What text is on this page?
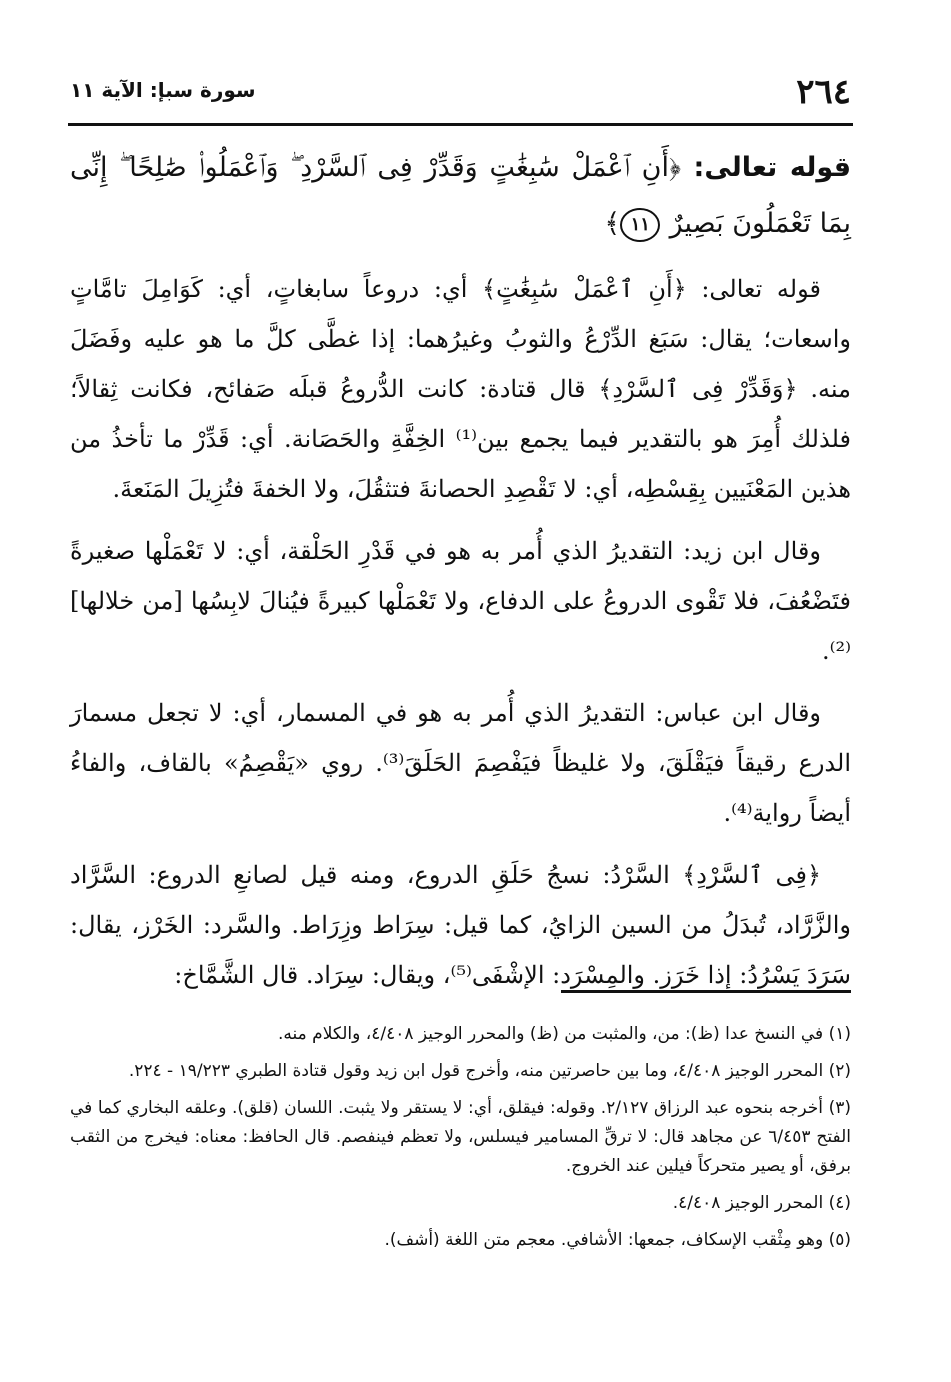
٢٦٤
سورة سبإ: الآية ١١

قوله تعالى: ﴿أَنِ ٱعْمَلْ سَٰبِغَٰتٍ وَقَدِّرْ فِى ٱلسَّرْدِ ۖ وَٱعْمَلُوا۟ صَٰلِحًا ۖ إِنِّى بِمَا تَعْمَلُونَ بَصِيرٌ ١١﴾

قوله تعالى: ﴿أَنِ ٱعْمَلْ سَٰبِغَٰتٍ﴾ أي: دروعاً سابغاتٍ، أي: كَوَامِلَ تامَّاتٍ واسعات؛ يقال: سَبَغ الدِّرْعُ والثوبُ وغيرُهما: إذا غطَّى كلَّ ما هو عليه وفَضَلَ منه. ﴿وَقَدِّرْ فِى ٱلسَّرْدِ﴾ قال قتادة: كانت الدُّروعُ قبلَه صَفائح، فكانت ثِقالاً؛ فلذلك أُمِرَ هو بالتقدير فيما يجمع بين⁽¹⁾ الخِفَّةِ والحَصَانة. أي: قَدِّرْ ما تأخذُ من هذين المَعْنَيين بِقِسْطِه، أي: لا تَقْصِدِ الحصانةَ فتثقُلَ، ولا الخفةَ فتُزِيلَ المَنَعةَ.

وقال ابن زيد: التقديرُ الذي أُمر به هو في قَدْرِ الحَلْقة، أي: لا تَعْمَلْها صغيرةً فتَضْعُفَ، فلا تَقْوى الدروعُ على الدفاع، ولا تَعْمَلْها كبيرةً فيُنالَ لابِسُها [من خلالها]⁽²⁾.

وقال ابن عباس: التقديرُ الذي أُمر به هو في المسمار، أي: لا تجعل مسمارَ الدرع رقيقاً فيَقْلَقَ، ولا غليظاً فيَفْصِمَ الحَلَقَ⁽³⁾. روي «يَقْصِمُ» بالقاف، والفاءُ أيضاً رواية⁽⁴⁾.

﴿فِى ٱلسَّرْدِ﴾ السَّرْدُ: نسجُ حَلَقِ الدروع، ومنه قيل لصانعِ الدروع: السَّرَّاد والزَّرَّاد، تُبدَلُ من السين الزايُ، كما قيل: سِرَاط وزِرَاط. والسَّرد: الخَرْز، يقال: سَرَدَ يَسْرُدُ: إذا خَرَز. والمِسْرَد: الإشْفَى⁽⁵⁾، ويقال: سِرَاد. قال الشَّمَّاخ:

(١) في النسخ عدا (ظ): من، والمثبت من (ظ) والمحرر الوجيز ٤/٤٠٨، والكلام منه.

(٢) المحرر الوجيز ٤/٤٠٨، وما بين حاصرتين منه، وأخرج قول ابن زيد وقول قتادة الطبري ١٩/٢٢٣ - ٢٢٤.

(٣) أخرجه بنحوه عبد الرزاق ٢/١٢٧. وقوله: فيقلق، أي: لا يستقر ولا يثبت. اللسان (قلق). وعلقه البخاري كما في الفتح ٦/٤٥٣ عن مجاهد قال: لا ترقِّ المسامير فيسلس، ولا تعظم فينفصم. قال الحافظ: معناه: فيخرج من الثقب برفق، أو يصير متحركاً فيلين عند الخروج.

(٤) المحرر الوجيز ٤/٤٠٨.

(٥) وهو مِثْقب الإسكاف، جمعها: الأشافي. معجم متن اللغة (أشف).
